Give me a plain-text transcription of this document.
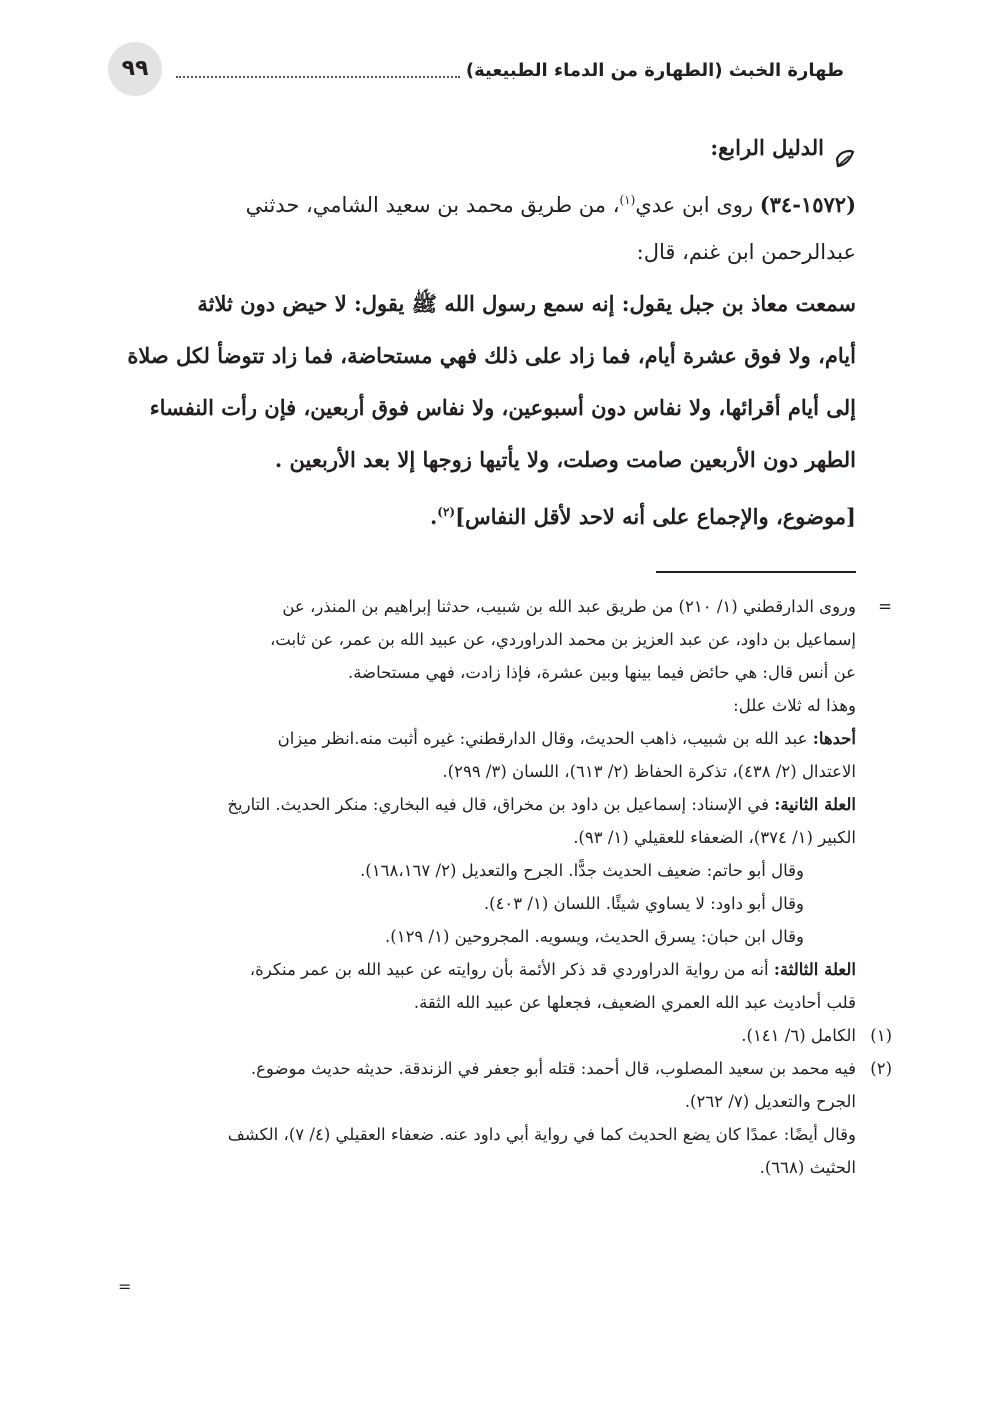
٩٩	طهارة الخبث (الطهارة من الدماء الطبيعية)
الدليل الرابع:
(١٥٧٢-٣٤) روى ابن عدي$^{(١)}$، من طريق محمد بن سعيد الشامي، حدثني
عبدالرحمن ابن غنم، قال:
سمعت معاذ بن جبل يقول: إنه سمع رسول الله ﷺ يقول: لا حيض دون ثلاثة
أيام، ولا فوق عشرة أيام، فما زاد على ذلك فهي مستحاضة، فما زاد تتوضأ لكل صلاة
إلى أيام أقرائها، ولا نفاس دون أسبوعين، ولا نفاس فوق أربعين، فإن رأت النفساء
الطهر دون الأربعين صامت وصلت، ولا يأتيها زوجها إلا بعد الأربعين .
[موضوع، والإجماع على أنه لاحد لأقل النفاس]$^{(٢)}$.
=
وروى الدارقطني (١/ ٢١٠) من طريق عبد الله بن شبيب، حدثنا إبراهيم بن المنذر، عن
إسماعيل بن داود، عن عبد العزيز بن محمد الدراوردي، عن عبيد الله بن عمر، عن ثابت،
عن أنس قال: هي حائض فيما بينها وبين عشرة، فإذا زادت، فهي مستحاضة.
وهذا له ثلاث علل:
أحدها: عبد الله بن شبيب، ذاهب الحديث، وقال الدارقطني: غيره أثبت منه.انظر ميزان
الاعتدال (٢/ ٤٣٨)، تذكرة الحفاظ (٢/ ٦١٣)، اللسان (٣/ ٢٩٩).
العلة الثانية: في الإسناد: إسماعيل بن داود بن مخراق، قال فيه البخاري: منكر الحديث. التاريخ
الكبير (١/ ٣٧٤)، الضعفاء للعقيلي (١/ ٩٣).
وقال أبو حاتم: ضعيف الحديث جدًّا. الجرح والتعديل (٢/ ١٦٨،١٦٧).
وقال أبو داود: لا يساوي شيئًا. اللسان (١/ ٤٠٣).
وقال ابن حبان: يسرق الحديث، ويسويه. المجروحين (١/ ١٢٩).
العلة الثالثة: أنه من رواية الدراوردي قد ذكر الأئمة بأن روايته عن عبيد الله بن عمر منكرة،
قلب أحاديث عبد الله العمري الضعيف، فجعلها عن عبيد الله الثقة.
(١)
الكامل (٦/ ١٤١).
(٢)
فيه محمد بن سعيد المصلوب، قال أحمد: قتله أبو جعفر في الزندقة. حديثه حديث موضوع.
الجرح والتعديل (٧/ ٢٦٢).
وقال أيضًا: عمدًا كان يضع الحديث كما في رواية أبي داود عنه. ضعفاء العقيلي (٤/ ٧)، الكشف
الحثيث (٦٦٨).
=
